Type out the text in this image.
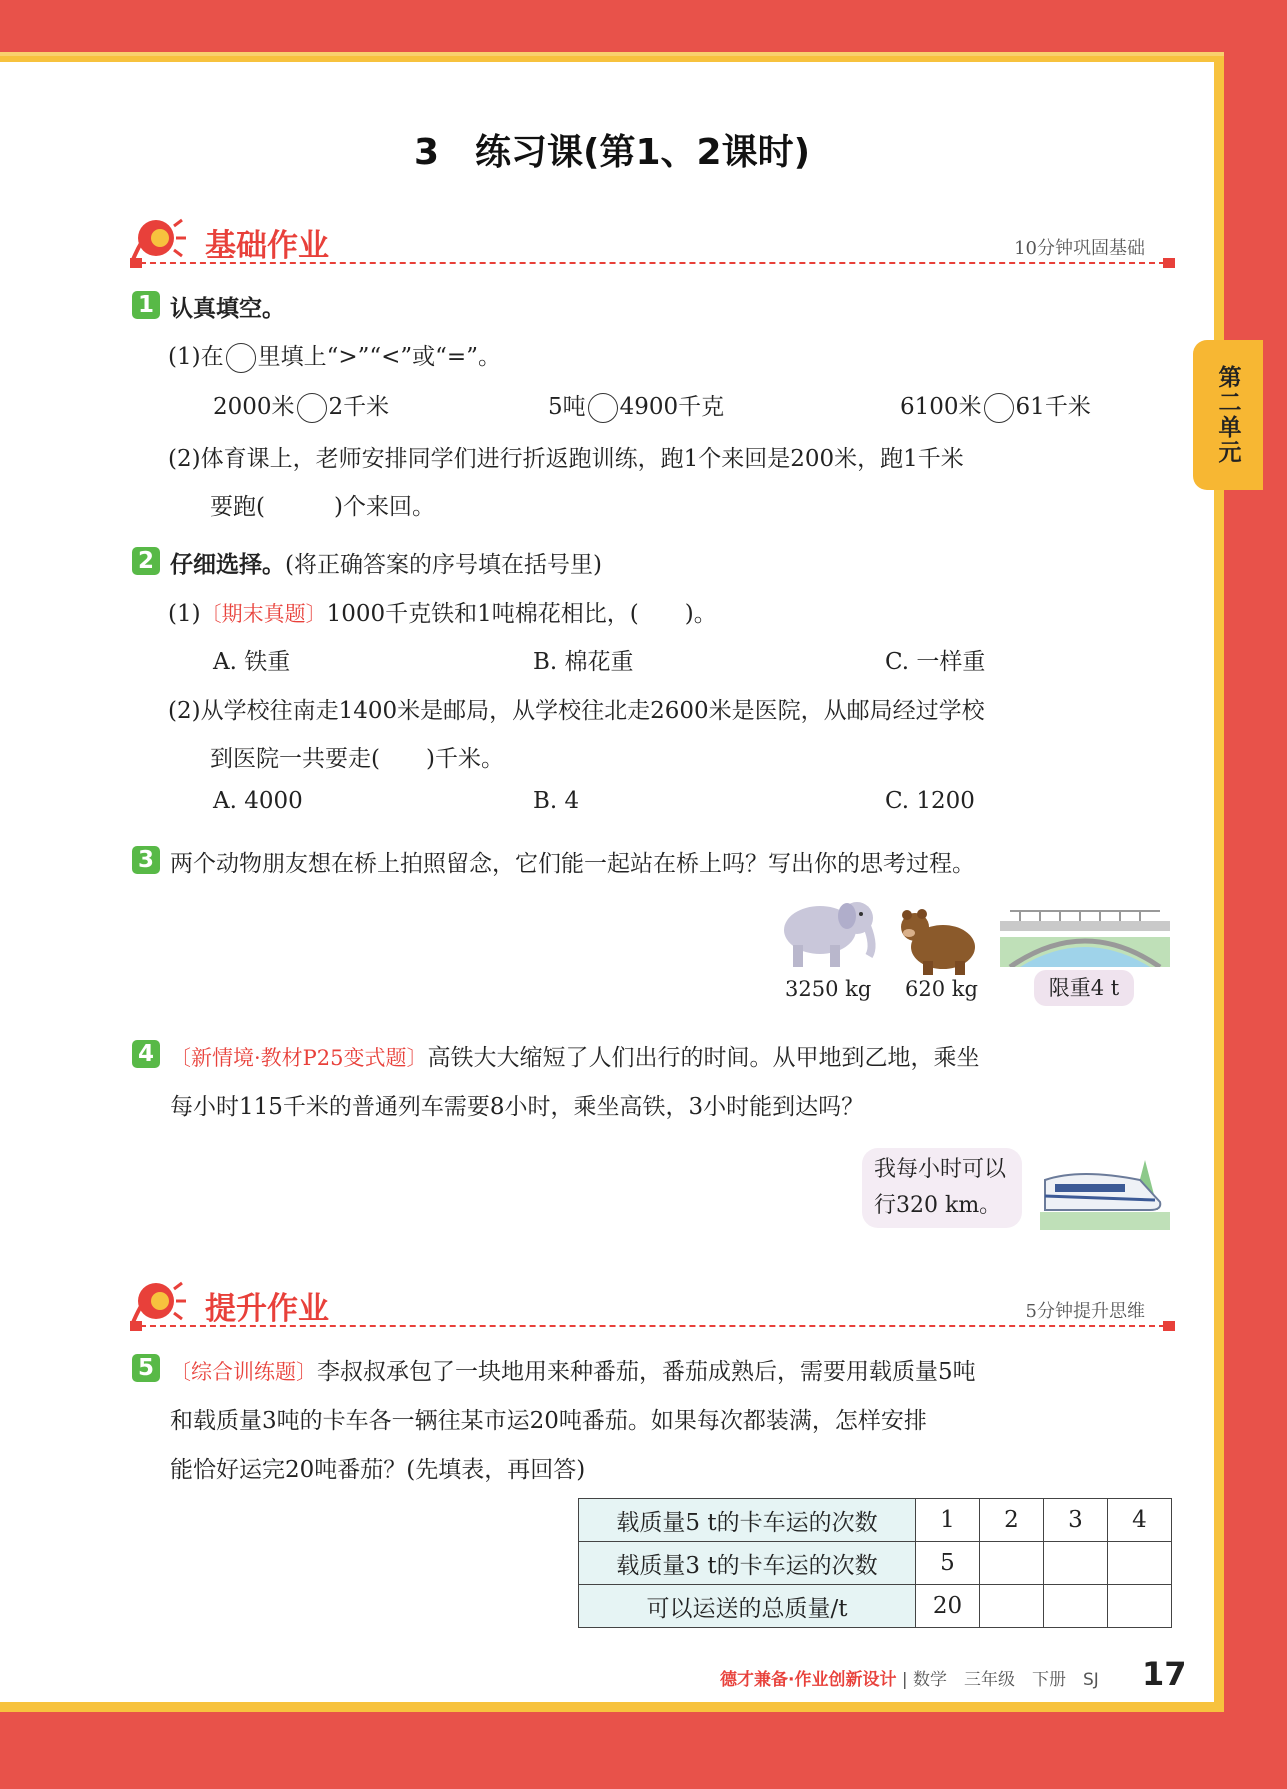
第二单元
3　练习课(第1、2课时)
基础作业	10分钟巩固基础
1 认真填空。
(1)在 里填上“>”“<”或“=”。
2000米 2千米	5吨 4900千克	6100米 61千米
(2)体育课上，老师安排同学们进行折返跑训练，跑1个来回是200米，跑1千米
要跑(　　　)个来回。
2 仔细选择。(将正确答案的序号填在括号里)
(1)〔期末真题〕1000千克铁和1吨棉花相比，(　　)。
A. 铁重	B. 棉花重	C. 一样重
(2)从学校往南走1400米是邮局，从学校往北走2600米是医院，从邮局经过学校
到医院一共要走(　　)千米。
A. 4000	B. 4	C. 1200
3 两个动物朋友想在桥上拍照留念，它们能一起站在桥上吗？写出你的思考过程。
3250 kg 620 kg	限重4 t
4 〔新情境·教材P25变式题〕高铁大大缩短了人们出行的时间。从甲地到乙地，乘坐
每小时115千米的普通列车需要8小时，乘坐高铁，3小时能到达吗？
我每小时可以
行320 km。
提升作业	5分钟提升思维
5 〔综合训练题〕李叔叔承包了一块地用来种番茄，番茄成熟后，需要用载质量5吨
和载质量3吨的卡车各一辆往某市运20吨番茄。如果每次都装满，怎样安排
能恰好运完20吨番茄？(先填表，再回答)
载质量5 t的卡车运的次数	1	2	3	4
载质量3 t的卡车运的次数	5			
可以运送的总质量/t	20			
德才兼备·作业创新设计 | 数学　三年级　下册　SJ 17
